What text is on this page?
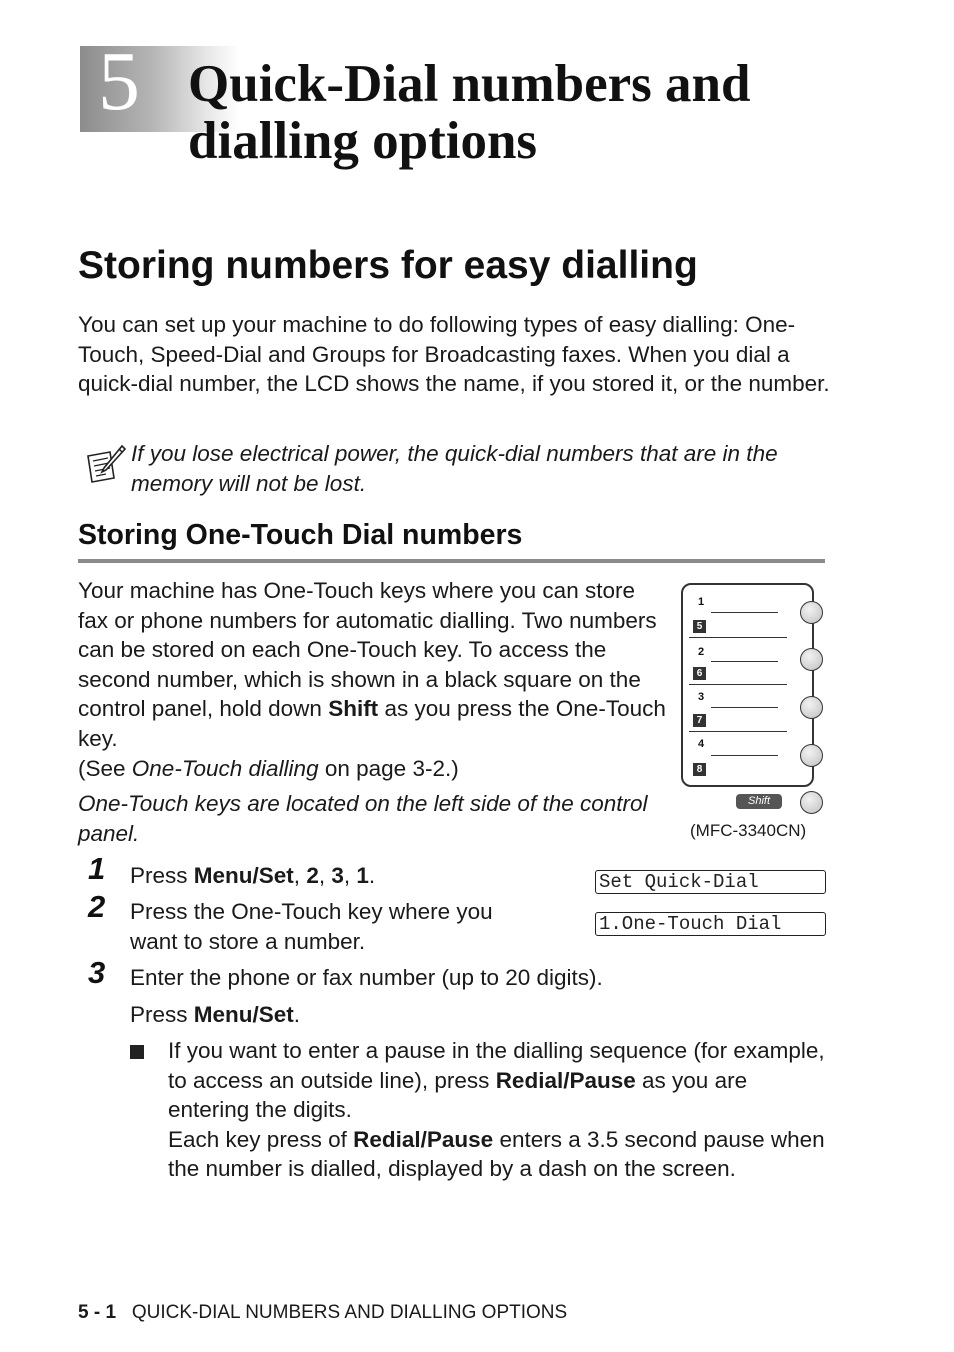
5 Quick-Dial numbers and
dialling options
Storing numbers for easy dialling
You can set up your machine to do following types of easy dialling: One-Touch, Speed-Dial and Groups for Broadcasting faxes. When you dial a quick-dial number, the LCD shows the name, if you stored it, or the number.
If you lose electrical power, the quick-dial numbers that are in the memory will not be lost.
Storing One-Touch Dial numbers
Your machine has One-Touch keys where you can store fax or phone numbers for automatic dialling. Two numbers can be stored on each One-Touch key. To access the second number, which is shown in a black square on the control panel, hold down Shift as you press the One-Touch key.
(See One-Touch dialling on page 3-2.)
One-Touch keys are located on the left side of the control panel.
1
5
2
6
3
7
4
8
Shift
(MFC-3340CN)
1 Press Menu/Set, 2, 3, 1.
2 Press the One-Touch key where you want to store a number.
Set Quick-Dial
1.One-Touch Dial
3 Enter the phone or fax number (up to 20 digits).
Press Menu/Set.
If you want to enter a pause in the dialling sequence (for example, to access an outside line), press Redial/Pause as you are entering the digits.
Each key press of Redial/Pause enters a 3.5 second pause when the number is dialled, displayed by a dash on the screen.
5 - 1 QUICK-DIAL NUMBERS AND DIALLING OPTIONS
